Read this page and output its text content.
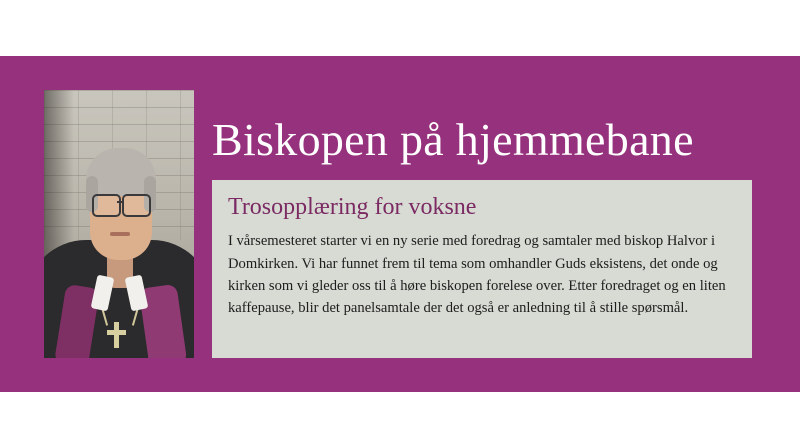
Biskopen på hjemmebane
Trosopplæring for voksne

I vårsemesteret starter vi en ny serie med foredrag og samtaler med biskop Halvor i Domkirken. Vi har funnet frem til tema som omhandler Guds eksistens, det onde og kirken som vi gleder oss til å høre biskopen forelese over. Etter foredraget og en liten kaffepause, blir det panelsamtale der det også er anledning til å stille spørsmål.
